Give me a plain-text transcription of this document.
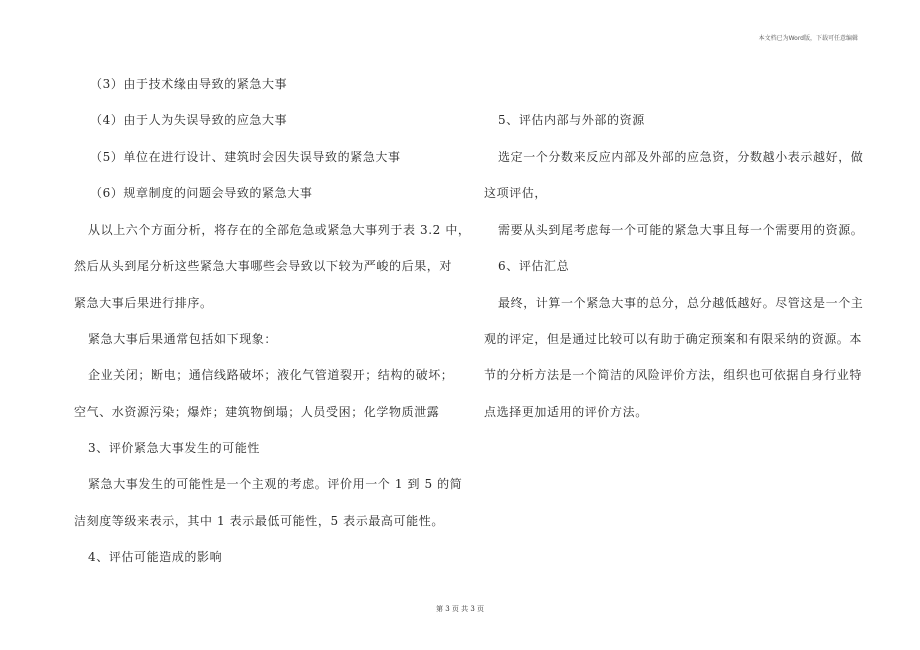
本文档已为Word版，下载可任意编辑
（3）由于技术缘由导致的紧急大事
（4）由于人为失误导致的应急大事
（5）单位在进行设计、建筑时会因失误导致的紧急大事
（6）规章制度的问题会导致的紧急大事
从以上六个方面分析，将存在的全部危急或紧急大事列于表 3.2 中，
然后从头到尾分析这些紧急大事哪些会导致以下较为严峻的后果，对
紧急大事后果进行排序。
紧急大事后果通常包括如下现象：
企业关闭；断电；通信线路破坏；液化气管道裂开；结构的破坏；
空气、水资源污染；爆炸；建筑物倒塌；人员受困；化学物质泄露
3、评价紧急大事发生的可能性
紧急大事发生的可能性是一个主观的考虑。评价用一个 1 到 5 的简
洁刻度等级来表示，其中 1 表示最低可能性，5 表示最高可能性。
4、评估可能造成的影响
5、评估内部与外部的资源
选定一个分数来反应内部及外部的应急资，分数越小表示越好，做
这项评估，
需要从头到尾考虑每一个可能的紧急大事且每一个需要用的资源。
6、评估汇总
最终，计算一个紧急大事的总分，总分越低越好。尽管这是一个主
观的评定，但是通过比较可以有助于确定预案和有限采纳的资源。本
节的分析方法是一个简洁的风险评价方法，组织也可依据自身行业特
点选择更加适用的评价方法。
第 3 页 共 3 页
